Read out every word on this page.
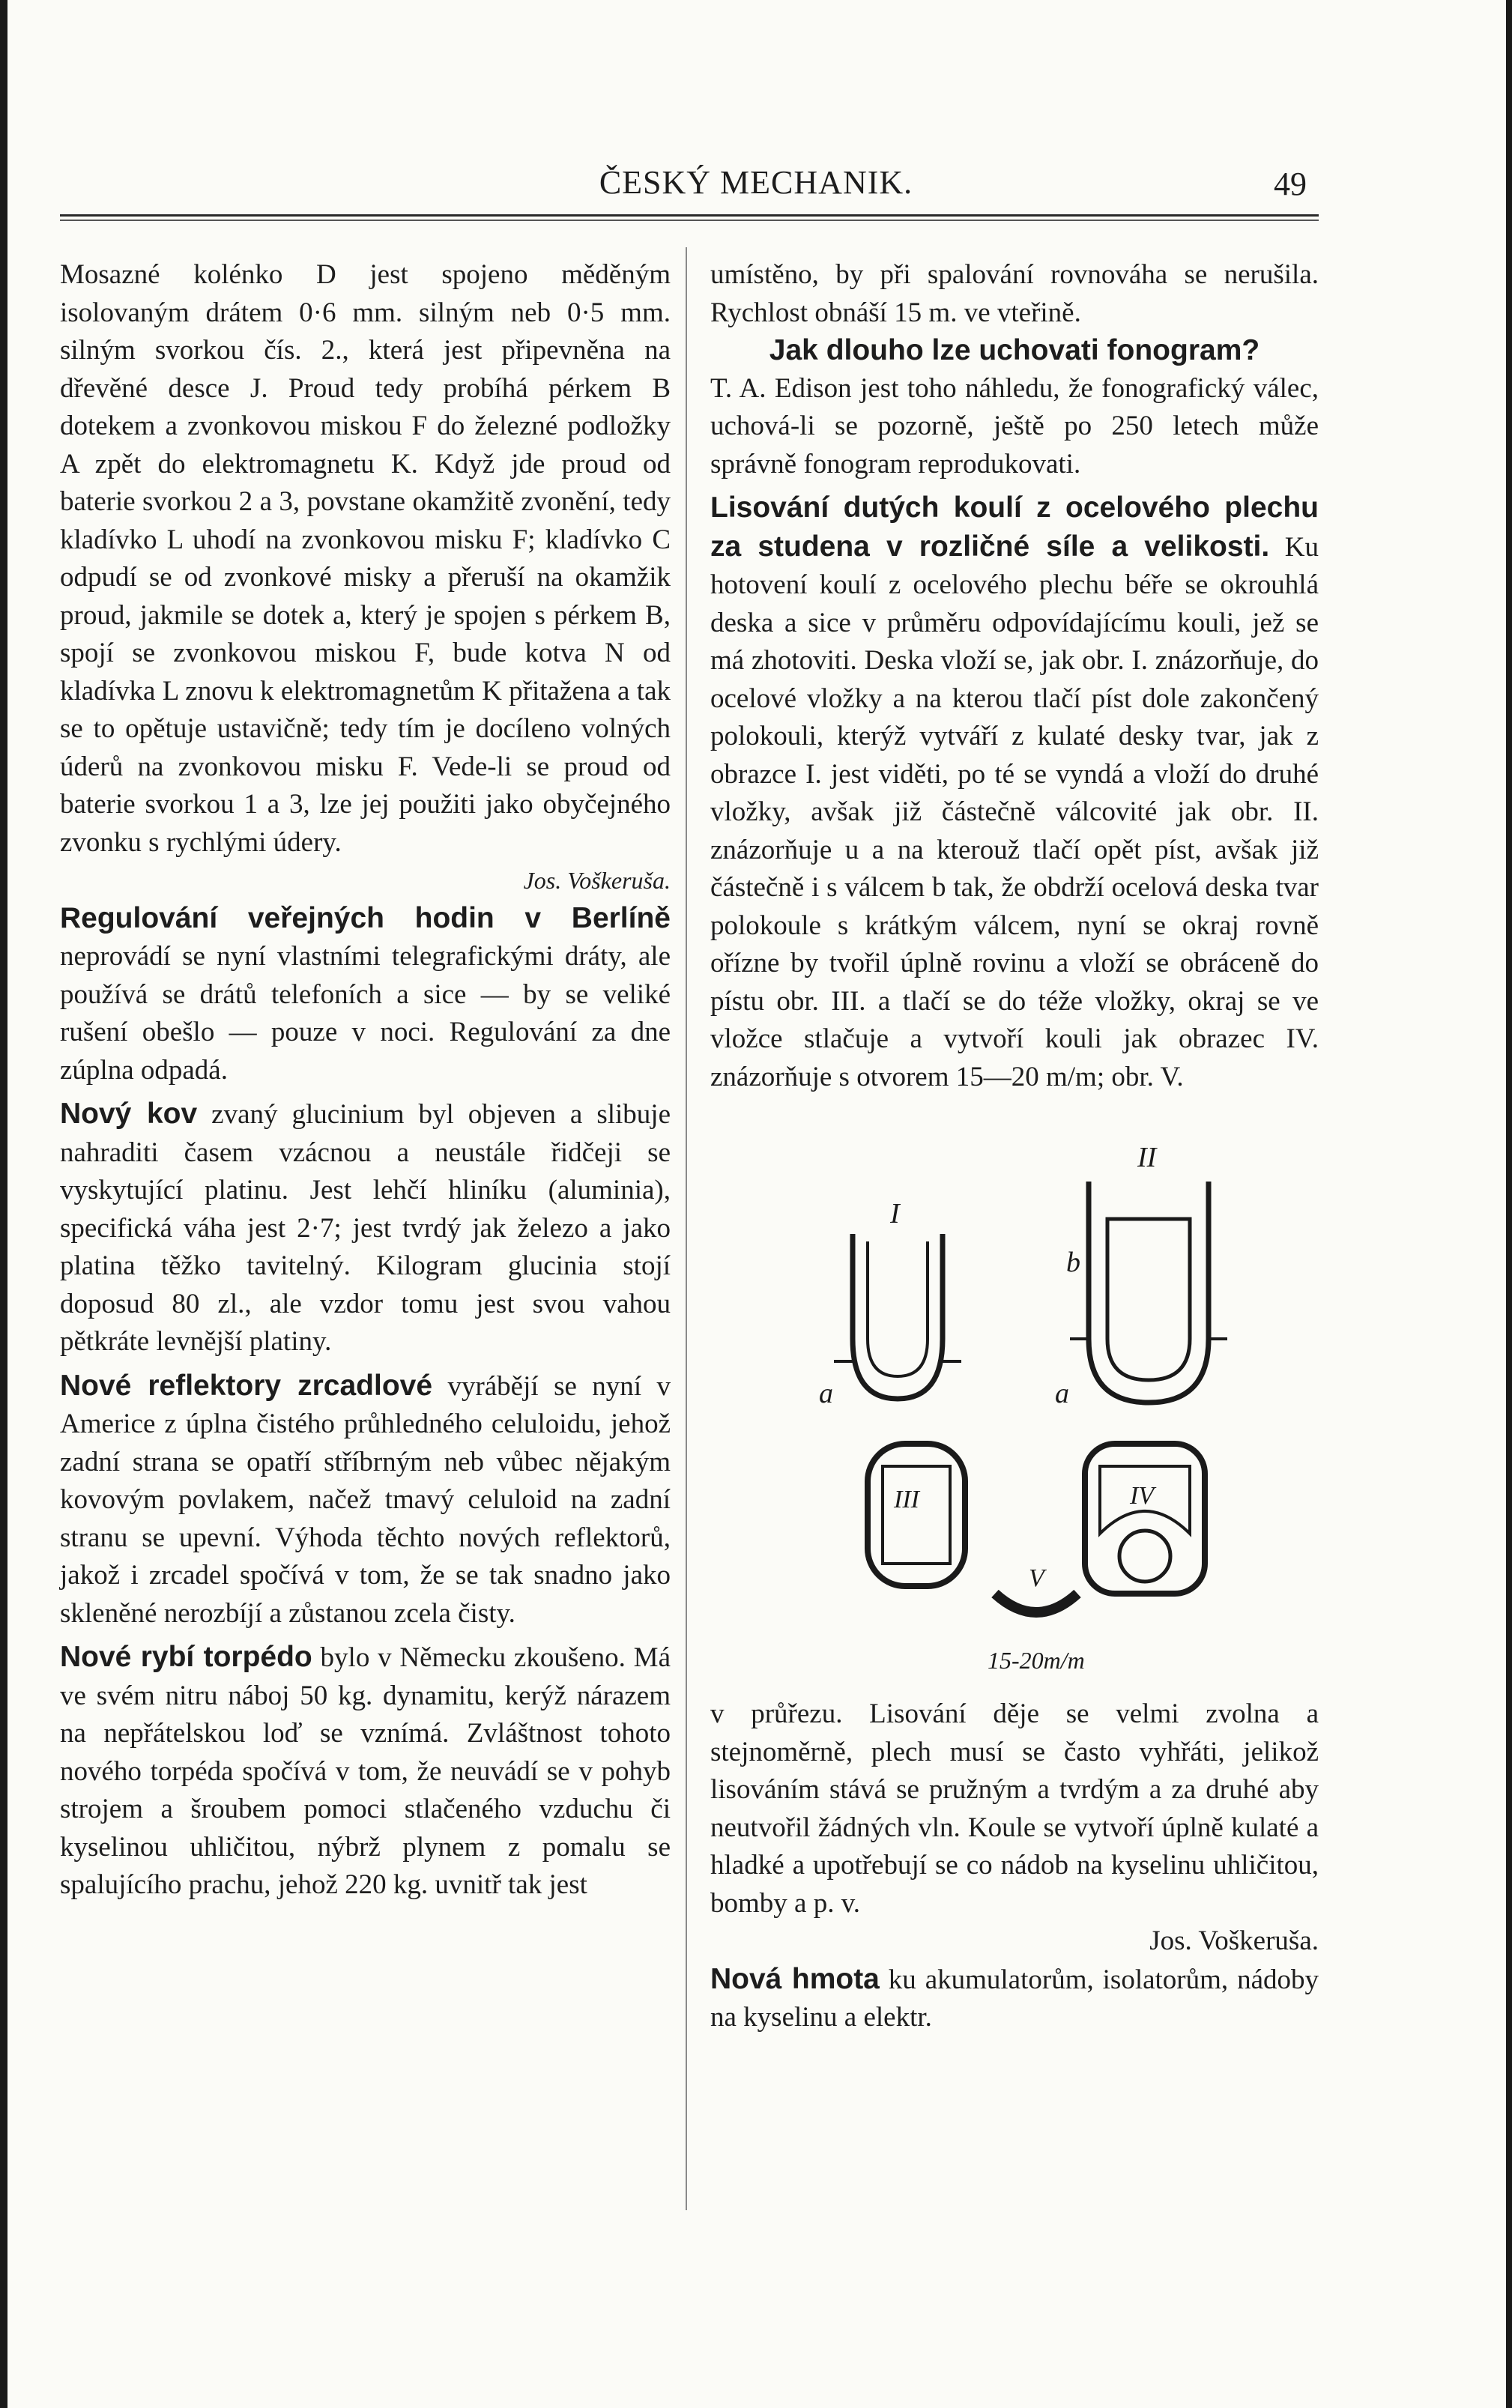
ČESKÝ MECHANIK.	49

Mosazné kolénko D jest spojeno měděným isolovaným drátem 0·6 mm. silným neb 0·5 mm. silným svorkou čís. 2., která jest připevněna na dřevěné desce J. Proud tedy probíhá pérkem B dotekem a zvonkovou miskou F do železné podložky A zpět do elektromagnetu K. Když jde proud od baterie svorkou 2 a 3, povstane okamžitě zvonění, tedy kladívko L uhodí na zvonkovou misku F; kladívko C odpudí se od zvonkové misky a přeruší na okamžik proud, jakmile se dotek a, který je spojen s pérkem B, spojí se zvonkovou miskou F, bude kotva N od kladívka L znovu k elektromagnetům K přitažena a tak se to opětuje ustavičně; tedy tím je docíleno volných úderů na zvonkovou misku F. Vede-li se proud od baterie svorkou 1 a 3, lze jej použiti jako obyčejného zvonku s rychlými údery.

Jos. Voškeruša.

Regulování veřejných hodin v Berlíně neprovádí se nyní vlastními telegrafickými dráty, ale používá se drátů telefoních a sice — by se veliké rušení obešlo — pouze v noci. Regulování za dne zúplna odpadá.

Nový kov zvaný glucinium byl objeven a slibuje nahraditi časem vzácnou a neustále řidčeji se vyskytující platinu. Jest lehčí hliníku (aluminia), specifická váha jest 2·7; jest tvrdý jak železo a jako platina těžko tavitelný. Kilogram glucinia stojí doposud 80 zl., ale vzdor tomu jest svou vahou pětkráte levnější platiny.

Nové reflektory zrcadlové vyrábějí se nyní v Americe z úplna čistého průhledného celuloidu, jehož zadní strana se opatří stříbrným neb vůbec nějakým kovovým povlakem, načež tmavý celuloid na zadní stranu se upevní. Výhoda těchto nových reflektorů, jakož i zrcadel spočívá v tom, že se tak snadno jako skleněné nerozbíjí a zůstanou zcela čisty.

Nové rybí torpédo bylo v Německu zkoušeno. Má ve svém nitru náboj 50 kg. dynamitu, kerýž nárazem na nepřátelskou loď se vznímá. Zvláštnost tohoto nového torpéda spočívá v tom, že neuvádí se v pohyb strojem a šroubem pomoci stlačeného vzduchu či kyselinou uhličitou, nýbrž plynem z pomalu se spalujícího prachu, jehož 220 kg. uvnitř tak jest

umístěno, by při spalování rovnováha se nerušila. Rychlost obnáší 15 m. ve vteřině.

Jak dlouho lze uchovati fonogram?

T. A. Edison jest toho náhledu, že fonografický válec, uchová-li se pozorně, ještě po 250 letech může správně fonogram reprodukovati.

Lisování dutých koulí z ocelového plechu za studena v rozličné síle a velikosti. Ku hotovení koulí z ocelového plechu béře se okrouhlá deska a sice v průměru odpovídajícímu kouli, jež se má zhotoviti. Deska vloží se, jak obr. I. znázorňuje, do ocelové vložky a na kterou tlačí píst dole zakončený polokouli, kterýž vytváří z kulaté desky tvar, jak z obrazce I. jest viděti, po té se vyndá a vloží do druhé vložky, avšak již částečně válcovité jak obr. II. znázorňuje u a na kterouž tlačí opět píst, avšak již částečně i s válcem b tak, že obdrží ocelová deska tvar polokoule s krátkým válcem, nyní se okraj rovně ořízne by tvořil úplně rovinu a vloží se obráceně do pístu obr. III. a tlačí se do téže vložky, okraj se ve vložce stlačuje a vytvoří kouli jak obrazec IV. znázorňuje s otvorem 15—20 m/m; obr. V.

I
II
III	IV
V
a	a
b
15-20m/m

v průřezu. Lisování děje se velmi zvolna a stejnoměrně, plech musí se často vyhřáti, jelikož lisováním stává se pružným a tvrdým a za druhé aby neutvořil žádných vln. Koule se vytvoří úplně kulaté a hladké a upotřebují se co nádob na kyselinu uhličitou, bomby a p. v.

Jos. Voškeruša.

Nová hmota ku akumulatorům, isolatorům, nádoby na kyselinu a elektr.
